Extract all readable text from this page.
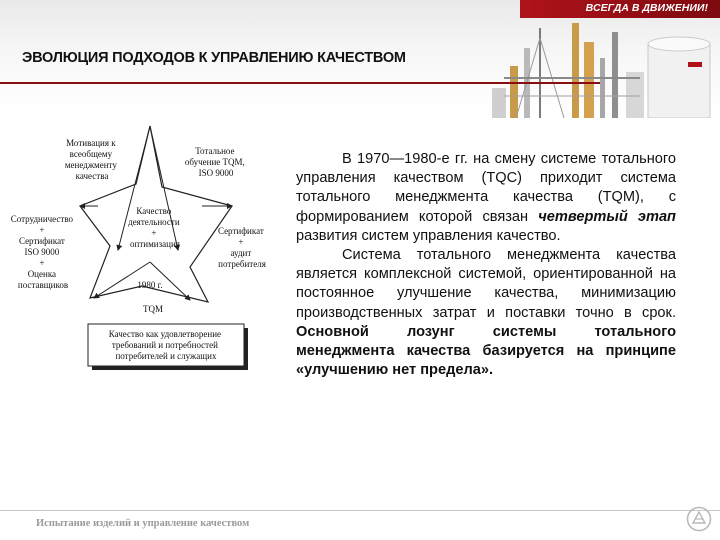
ВСЕГДА В ДВИЖЕНИИ!
ЭВОЛЮЦИЯ ПОДХОДОВ К УПРАВЛЕНИЮ КАЧЕСТВОМ
Мотивация к всеобщему менеджменту качества
Тотальное обучение TQM, ISO 9000
Сотрудничество + Сертификат ISO 9000 + Оценка поставщиков
Качество деятельности + оптимизация
Сертификат + аудит потребителя
1980 г.
TQM
Качество как удовлетворение требований и потребностей потребителей и служащих

В 1970—1980-е гг. на смену системе тотального управления качеством (TQC) приходит система тотального менеджмента качества (TQM), с формированием которой связан четвертый этап развития систем управления качество.

Система тотального менеджмента качества является комплексной системой, ориентированной на постоянное улучшение качества, минимизацию производственных затрат и поставки точно в срок. Основной лозунг системы тотального менеджмента качества базируется на принципе «улучшению нет предела».

Испытание изделий и управление качеством
